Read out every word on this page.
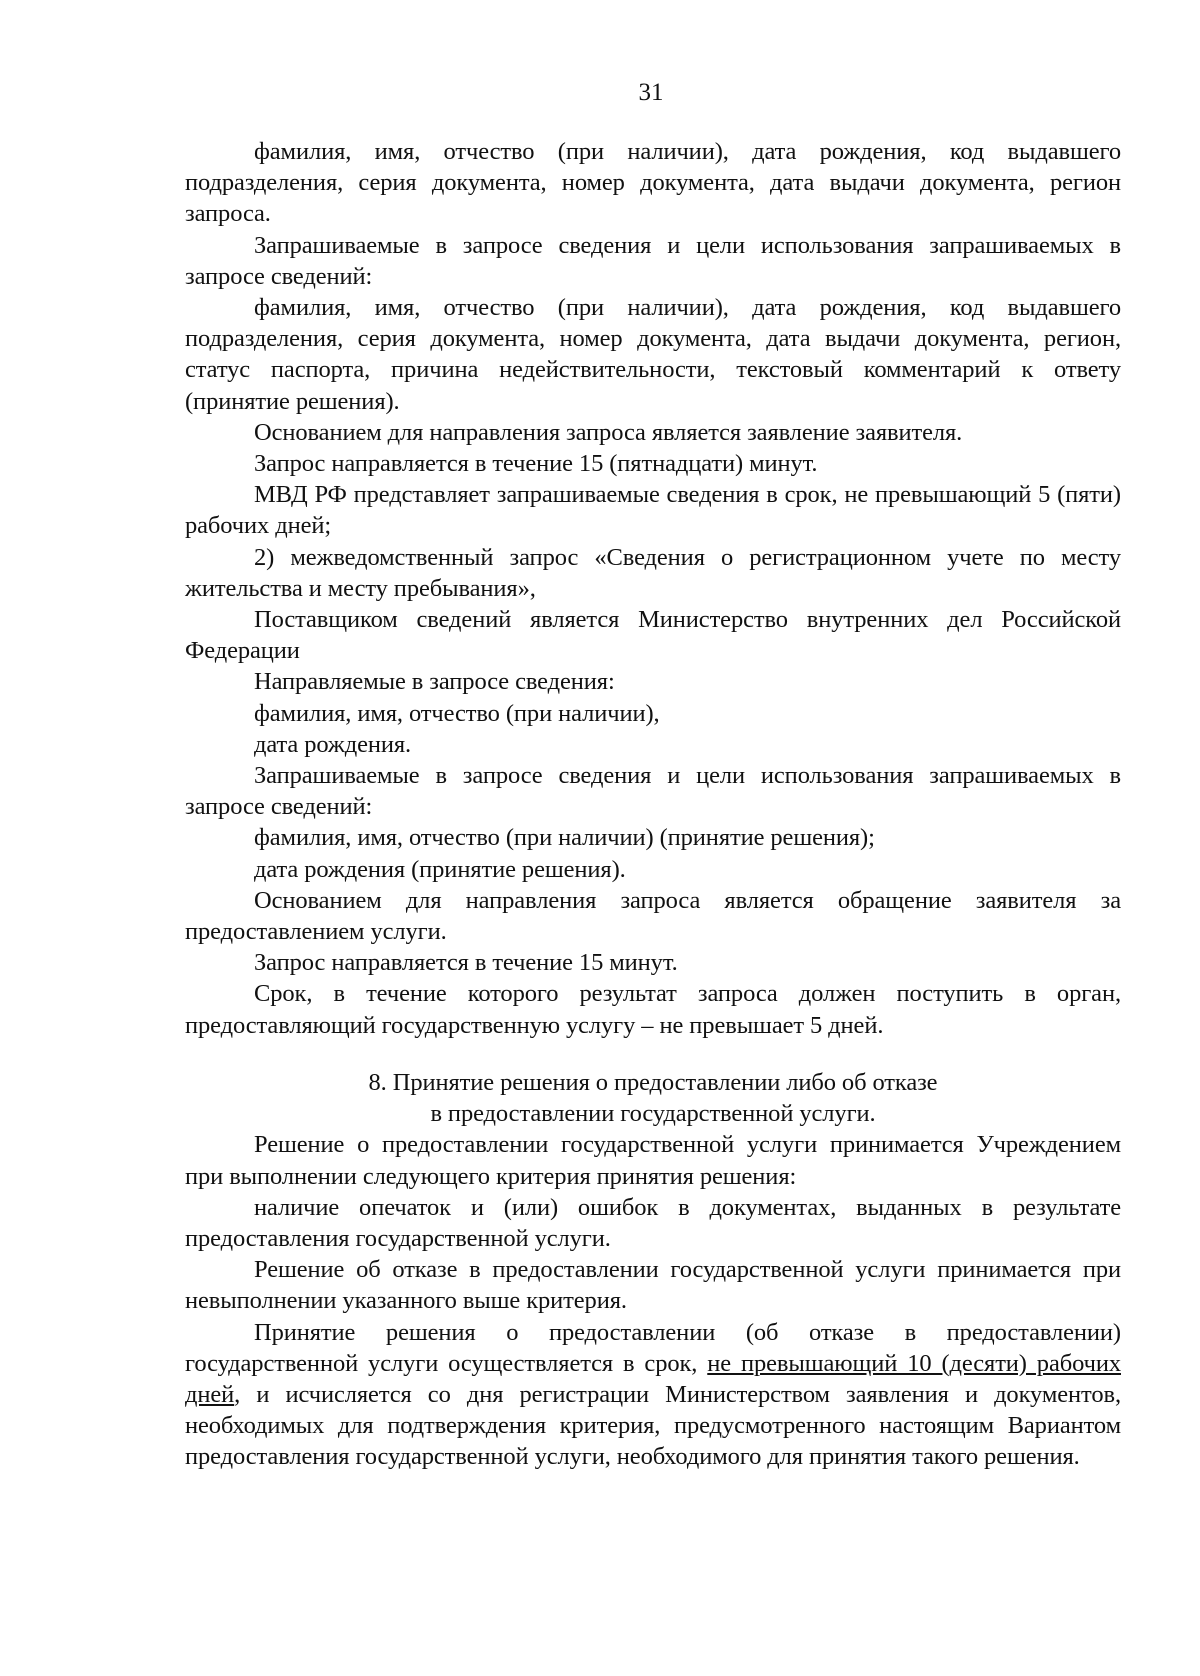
31

фамилия, имя, отчество (при наличии), дата рождения, код выдавшего подразделения, серия документа, номер документа, дата выдачи документа, регион запроса.

Запрашиваемые в запросе сведения и цели использования запрашиваемых в запросе сведений:

фамилия, имя, отчество (при наличии), дата рождения, код выдавшего подразделения, серия документа, номер документа, дата выдачи документа, регион, статус паспорта, причина недействительности, текстовый комментарий к ответу (принятие решения).

Основанием для направления запроса является заявление заявителя.

Запрос направляется в течение 15 (пятнадцати) минут.

МВД РФ представляет запрашиваемые сведения в срок, не превышающий 5 (пяти) рабочих дней;

2) межведомственный запрос «Сведения о регистрационном учете по месту жительства и месту пребывания»,

Поставщиком сведений является Министерство внутренних дел Российской Федерации

Направляемые в запросе сведения:

фамилия, имя, отчество (при наличии),

дата рождения.

Запрашиваемые в запросе сведения и цели использования запрашиваемых в запросе сведений:

фамилия, имя, отчество (при наличии) (принятие решения);

дата рождения (принятие решения).

Основанием для направления запроса является обращение заявителя за предоставлением услуги.

Запрос направляется в течение 15 минут.

Срок, в течение которого результат запроса должен поступить в орган, предоставляющий государственную услугу – не превышает 5 дней.

8. Принятие решения о предоставлении либо об отказе
в предоставлении государственной услуги.

Решение о предоставлении государственной услуги принимается Учреждением при выполнении следующего критерия принятия решения:

наличие опечаток и (или) ошибок в документах, выданных в результате предоставления государственной услуги.

Решение об отказе в предоставлении государственной услуги принимается при невыполнении указанного выше критерия.

Принятие решения о предоставлении (об отказе в предоставлении) государственной услуги осуществляется в срок, не превышающий 10 (десяти) рабочих дней, и исчисляется со дня регистрации Министерством заявления и документов, необходимых для подтверждения критерия, предусмотренного настоящим Вариантом предоставления государственной услуги, необходимого для принятия такого решения.
